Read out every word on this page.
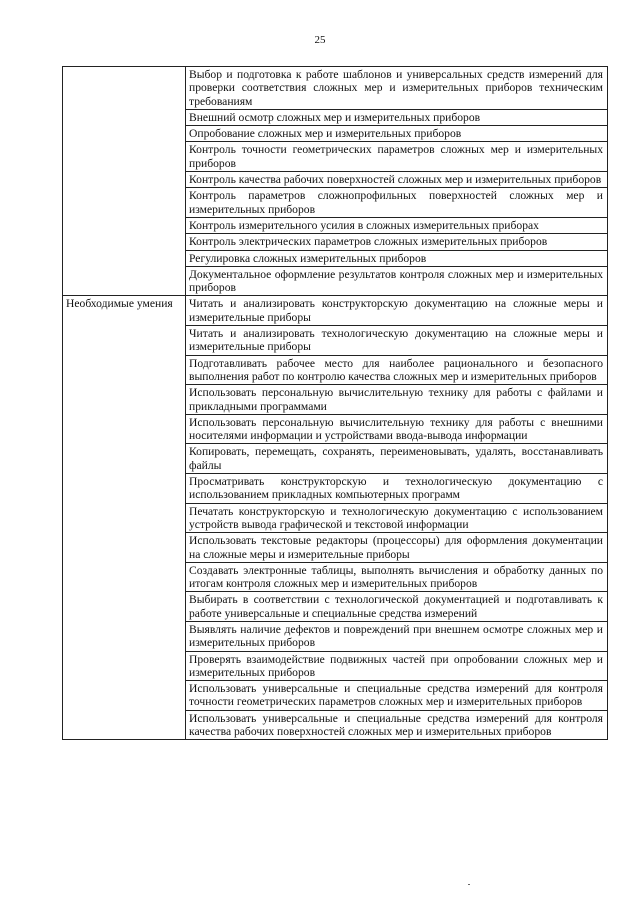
25
	Выбор и подготовка к работе шаблонов и универсальных средств измерений для проверки соответствия сложных мер и измерительных приборов техническим требованиям
	Внешний осмотр сложных мер и измерительных приборов
	Опробование сложных мер и измерительных приборов
	Контроль точности геометрических параметров сложных мер и измерительных приборов
	Контроль качества рабочих поверхностей сложных мер и измерительных приборов
	Контроль параметров сложнопрофильных поверхностей сложных мер и измерительных приборов
	Контроль измерительного усилия в сложных измерительных приборах
	Контроль электрических параметров сложных измерительных приборов
	Регулировка сложных измерительных приборов
	Документальное оформление результатов контроля сложных мер и измерительных приборов
Необходимые умения	Читать и анализировать конструкторскую документацию на сложные меры и измерительные приборы
	Читать и анализировать технологическую документацию на сложные меры и измерительные приборы
	Подготавливать рабочее место для наиболее рационального и безопасного выполнения работ по контролю качества сложных мер и измерительных приборов
	Использовать персональную вычислительную технику для работы с файлами и прикладными программами
	Использовать персональную вычислительную технику для работы с внешними носителями информации и устройствами ввода-вывода информации
	Копировать, перемещать, сохранять, переименовывать, удалять, восстанавливать файлы
	Просматривать конструкторскую и технологическую документацию с использованием прикладных компьютерных программ
	Печатать конструкторскую и технологическую документацию с использованием устройств вывода графической и текстовой информации
	Использовать текстовые редакторы (процессоры) для оформления документации на сложные меры и измерительные приборы
	Создавать электронные таблицы, выполнять вычисления и обработку данных по итогам контроля сложных мер и измерительных приборов
	Выбирать в соответствии с технологической документацией и подготавливать к работе универсальные и специальные средства измерений
	Выявлять наличие дефектов и повреждений при внешнем осмотре сложных мер и измерительных приборов
	Проверять взаимодействие подвижных частей при опробовании сложных мер и измерительных приборов
	Использовать универсальные и специальные средства измерений для контроля точности геометрических параметров сложных мер и измерительных приборов
	Использовать универсальные и специальные средства измерений для контроля качества рабочих поверхностей сложных мер и измерительных приборов
